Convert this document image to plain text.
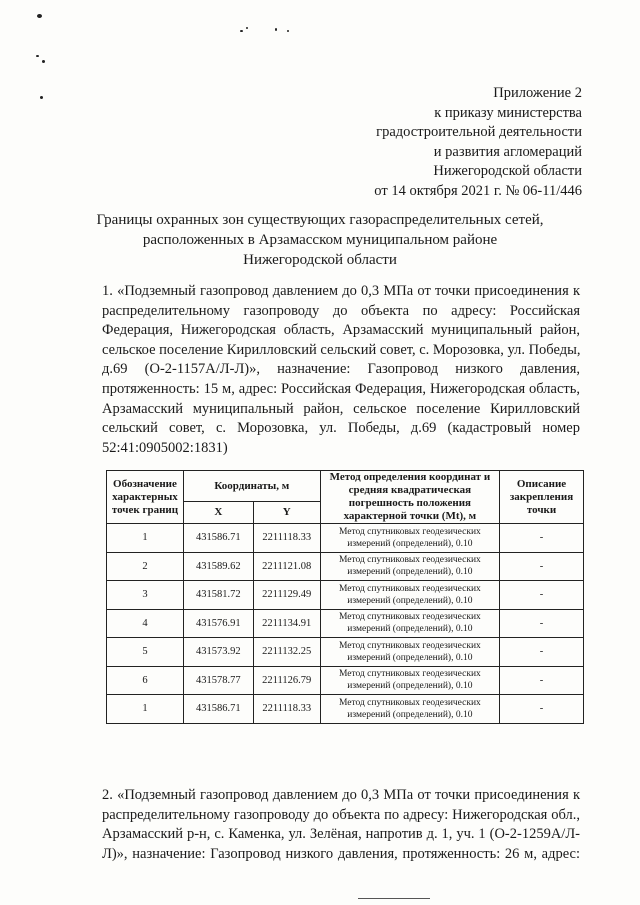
Приложение 2
к приказу министерства
градостроительной деятельности
и развития агломераций
Нижегородской области
от 14 октября 2021 г. № 06-11/446
Границы охранных зон существующих газораспределительных сетей,
расположенных в Арзамасском муниципальном районе
Нижегородской области
1. «Подземный газопровод давлением до 0,3 МПа от точки присоединения к
распределительному газопроводу до объекта по адресу: Российская
Федерация, Нижегородская область, Арзамасский муниципальный район,
сельское поселение Кирилловский сельский совет, с. Морозовка, ул. Победы,
д.69 (О-2-1157А/Л-Л)», назначение: Газопровод низкого давления,
протяженность: 15 м, адрес: Российская Федерация, Нижегородская область,
Арзамасский муниципальный район, сельское поселение Кирилловский
сельский совет, с. Морозовка, ул. Победы, д.69 (кадастровый номер
52:41:0905002:1831)
Обозначение характерных точек границ	Координаты, м		Метод определения координат и средняя квадратическая погрешность положения характерной точки (Mt), м	Описание закрепления точки
	X	Y		
1	431586.71	2211118.33	Метод спутниковых геодезических измерений (определений), 0.10	-
2	431589.62	2211121.08	Метод спутниковых геодезических измерений (определений), 0.10	-
3	431581.72	2211129.49	Метод спутниковых геодезических измерений (определений), 0.10	-
4	431576.91	2211134.91	Метод спутниковых геодезических измерений (определений), 0.10	-
5	431573.92	2211132.25	Метод спутниковых геодезических измерений (определений), 0.10	-
6	431578.77	2211126.79	Метод спутниковых геодезических измерений (определений), 0.10	-
1	431586.71	2211118.33	Метод спутниковых геодезических измерений (определений), 0.10	-
2. «Подземный газопровод давлением до 0,3 МПа от точки присоединения к
распределительному газопроводу до объекта по адресу: Нижегородская обл.,
Арзамасский р-н, с. Каменка, ул. Зелёная, напротив д. 1, уч. 1 (О-2-1259А/Л-
Л)», назначение: Газопровод низкого давления, протяженность: 26 м, адрес:
